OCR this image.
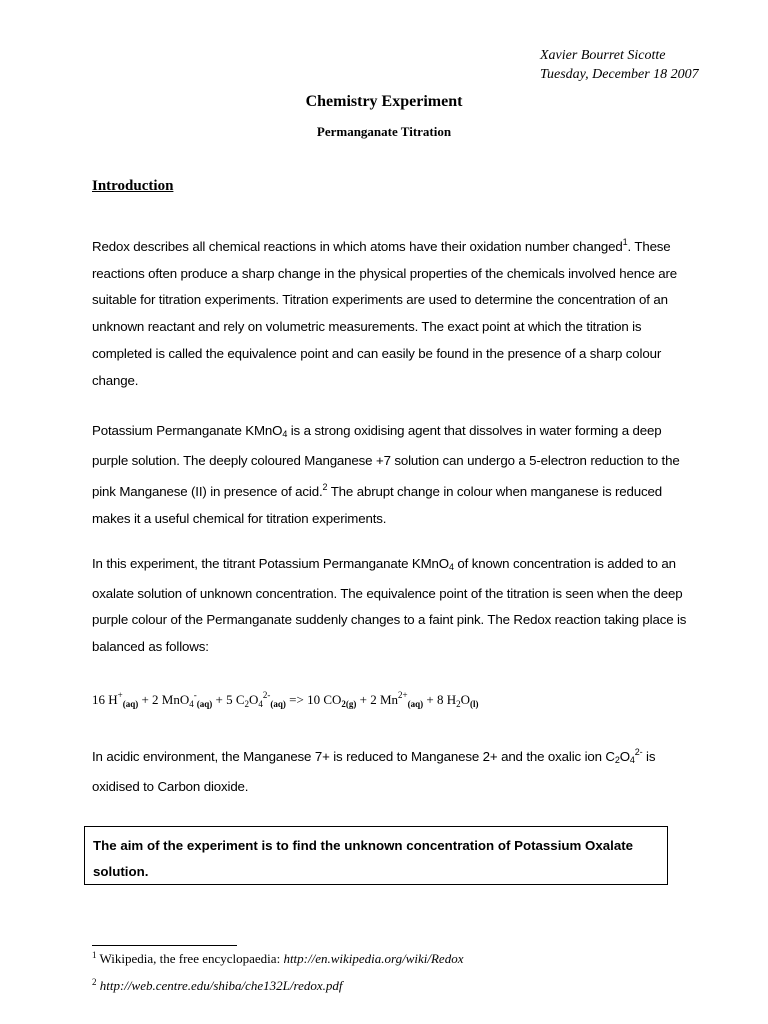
Xavier Bourret Sicotte
Tuesday, December 18 2007
Chemistry Experiment
Permanganate Titration
Introduction
Redox describes all chemical reactions in which atoms have their oxidation number changed$^1$. These reactions often produce a sharp change in the physical properties of the chemicals involved hence are suitable for titration experiments. Titration experiments are used to determine the concentration of an unknown reactant and rely on volumetric measurements. The exact point at which the titration is completed is called the equivalence point and can easily be found in the presence of a sharp colour change.
Potassium Permanganate KMnO$_4$ is a strong oxidising agent that dissolves in water forming a deep purple solution. The deeply coloured Manganese +7 solution can undergo a 5-electron reduction to the pink Manganese (II) in presence of acid.$^2$ The abrupt change in colour when manganese is reduced makes it a useful chemical for titration experiments.
In this experiment, the titrant Potassium Permanganate KMnO$_4$ of known concentration is added to an oxalate solution of unknown concentration. The equivalence point of the titration is seen when the deep purple colour of the Permanganate suddenly changes to a faint pink. The Redox reaction taking place is balanced as follows:
16 $H^+_{(aq)} + 2$ MnO$_4$-$_{(aq)}$ + 5 $C_2O_4^{2-}_{(aq)} => 10$ $CO_{2(g)} + 2$ $Mn^{2+}_{(aq)} + 8$ $H_2O_{(l)}$
In acidic environment, the Manganese 7+ is reduced to Manganese 2+ and the oxalic ion $C_2O_4^{2-}$ is oxidised to Carbon dioxide.
The aim of the experiment is to find the unknown concentration of Potassium Oxalate solution.
$^1$ Wikipedia, the free encyclopaedia: http://en.wikipedia.org/wiki/Redox
$^2$ http://web.centre.edu/shiba/che132L/redox.pdf
